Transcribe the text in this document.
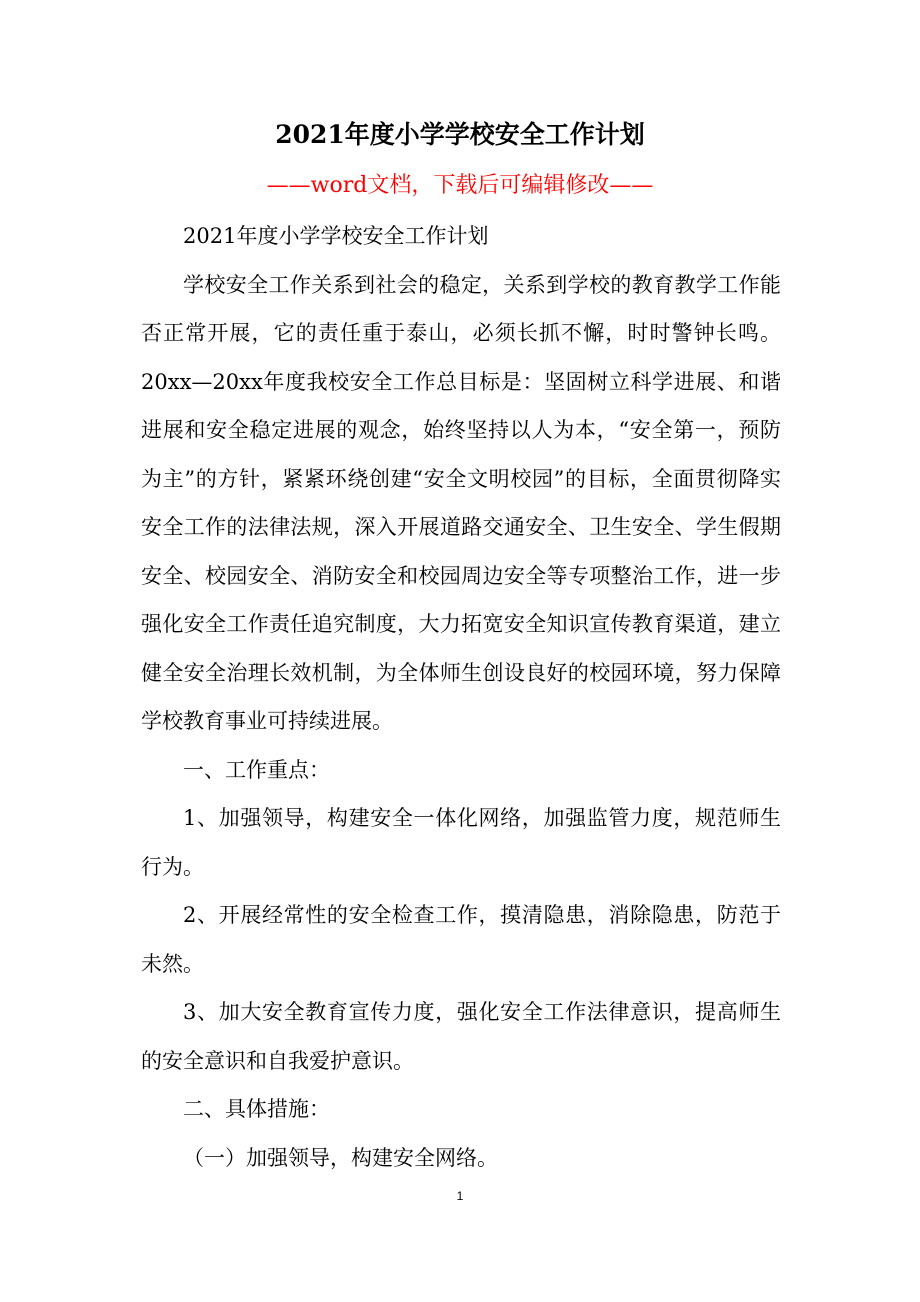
2021年度小学学校安全工作计划
——word文档，下载后可编辑修改——

2021年度小学学校安全工作计划

学校安全工作关系到社会的稳定，关系到学校的教育教学工作能否正常开展，它的责任重于泰山，必须长抓不懈，时时警钟长鸣。20xx—20xx年度我校安全工作总目标是：坚固树立科学进展、和谐进展和安全稳定进展的观念，始终坚持以人为本，“安全第一，预防为主”的方针，紧紧环绕创建“安全文明校园”的目标，全面贯彻降实安全工作的法律法规，深入开展道路交通安全、卫生安全、学生假期安全、校园安全、消防安全和校园周边安全等专项整治工作，进一步强化安全工作责任追究制度，大力拓宽安全知识宣传教育渠道，建立健全安全治理长效机制，为全体师生创设良好的校园环境，努力保障学校教育事业可持续进展。

一、工作重点：

1、加强领导，构建安全一体化网络，加强监管力度，规范师生行为。

2、开展经常性的安全检查工作，摸清隐患，消除隐患，防范于未然。

3、加大安全教育宣传力度，强化安全工作法律意识，提高师生的安全意识和自我爱护意识。

二、具体措施：

（一）加强领导，构建安全网络。

1
